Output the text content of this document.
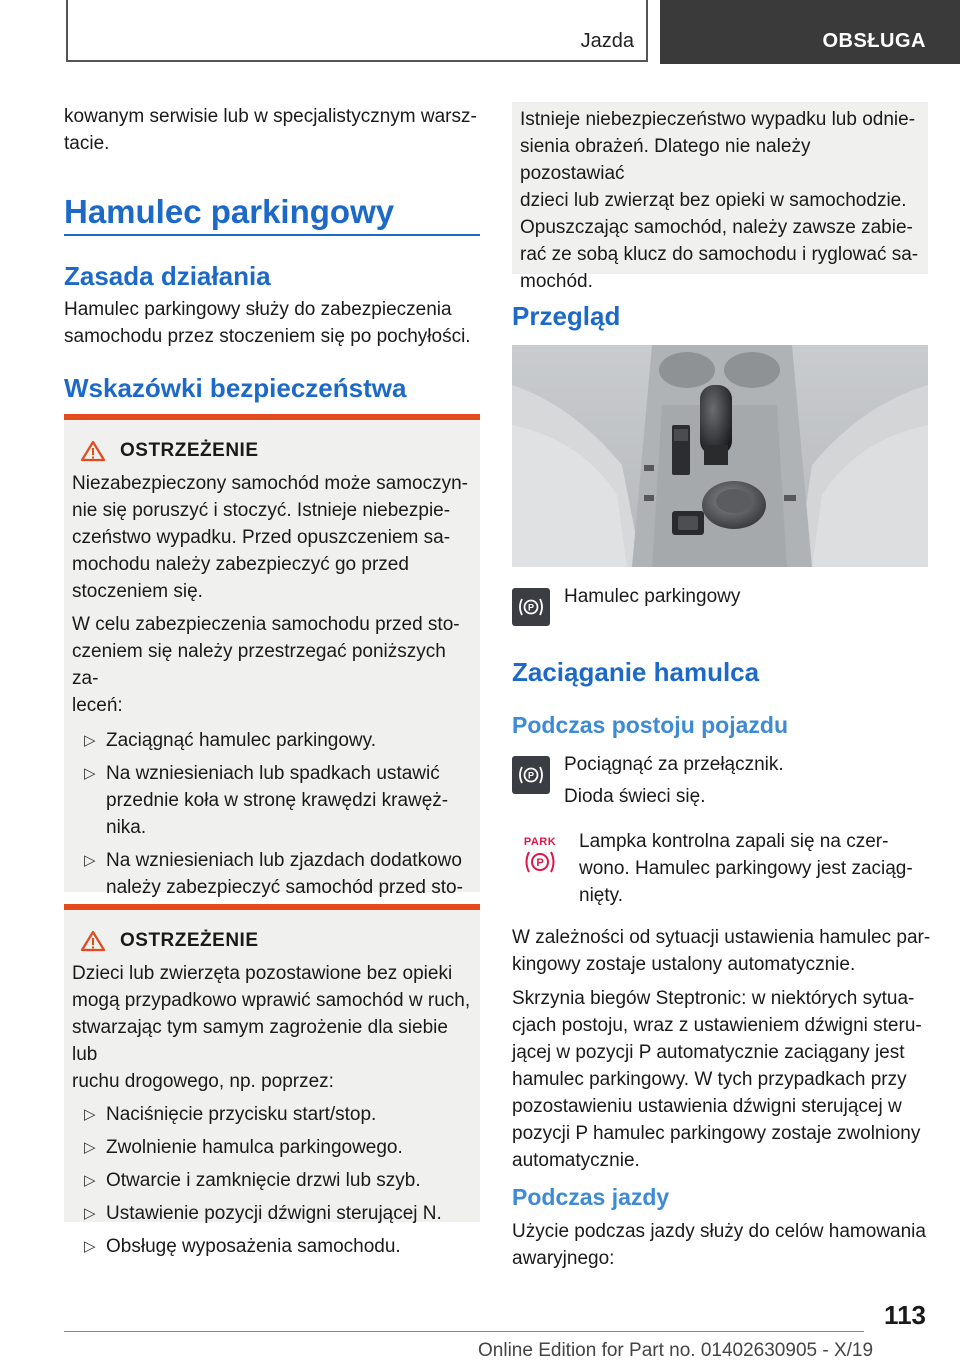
Jazda	OBSŁUGA

kowanym serwisie lub w specjalistycznym warsz-

tacie.

Hamulec parkingowy
Zasada działania

Hamulec parkingowy służy do zabezpieczenia

samochodu przez stoczeniem się po pochyłości.

Wskazówki bezpieczeństwa
OSTRZEŻENIE

Niezabezpieczony samochód może samoczyn-

nie się poruszyć i stoczyć. Istnieje niebezpie-

czeństwo wypadku. Przed opuszczeniem sa-

mochodu należy zabezpieczyć go przed

stoczeniem się.

W celu zabezpieczenia samochodu przed sto-

czeniem się należy przestrzegać poniższych za-

leceń:

▷ Zaciągnąć hamulec parkingowy.

▷ Na wzniesieniach lub spadkach ustawić

przednie koła w stronę krawędzi krawęż-

nika.

▷ Na wzniesieniach lub zjazdach dodatkowo

należy zabezpieczyć samochód przed sto-

OSTRZEŻENIE

Dzieci lub zwierzęta pozostawione bez opieki

mogą przypadkowo wprawić samochód w ruch,

stwarzając tym samym zagrożenie dla siebie lub

ruchu drogowego, np. poprzez:

▷ Naciśnięcie przycisku start/stop.

▷ Zwolnienie hamulca parkingowego.

▷ Otwarcie i zamknięcie drzwi lub szyb.

▷ Ustawienie pozycji dźwigni sterującej N.

▷ Obsługę wyposażenia samochodu.

Istnieje niebezpieczeństwo wypadku lub odnie-

sienia obrażeń. Dlatego nie należy pozostawiać

dzieci lub zwierząt bez opieki w samochodzie.

Opuszczając samochód, należy zawsze zabie-

rać ze sobą klucz do samochodu i ryglować sa-

mochód.

Przegląd
P

Hamulec parkingowy

Zaciąganie hamulca
Podczas postoju pojazdu
P

Pociągnąć za przełącznik.

Dioda świeci się.

PARK
P

Lampka kontrolna zapali się na czer-

wono. Hamulec parkingowy jest zaciąg-

nięty.

W zależności od sytuacji ustawienia hamulec par-

kingowy zostaje ustalony automatycznie.

Skrzynia biegów Steptronic: w niektórych sytua-

cjach postoju, wraz z ustawieniem dźwigni steru-

jącej w pozycji P automatycznie zaciągany jest

hamulec parkingowy. W tych przypadkach przy

pozostawieniu ustawienia dźwigni sterującej w

pozycji P hamulec parkingowy zostaje zwolniony

automatycznie.

Podczas jazdy

Użycie podczas jazdy służy do celów hamowania

awaryjnego:

113
Online Edition for Part no. 01402630905 - X/19
